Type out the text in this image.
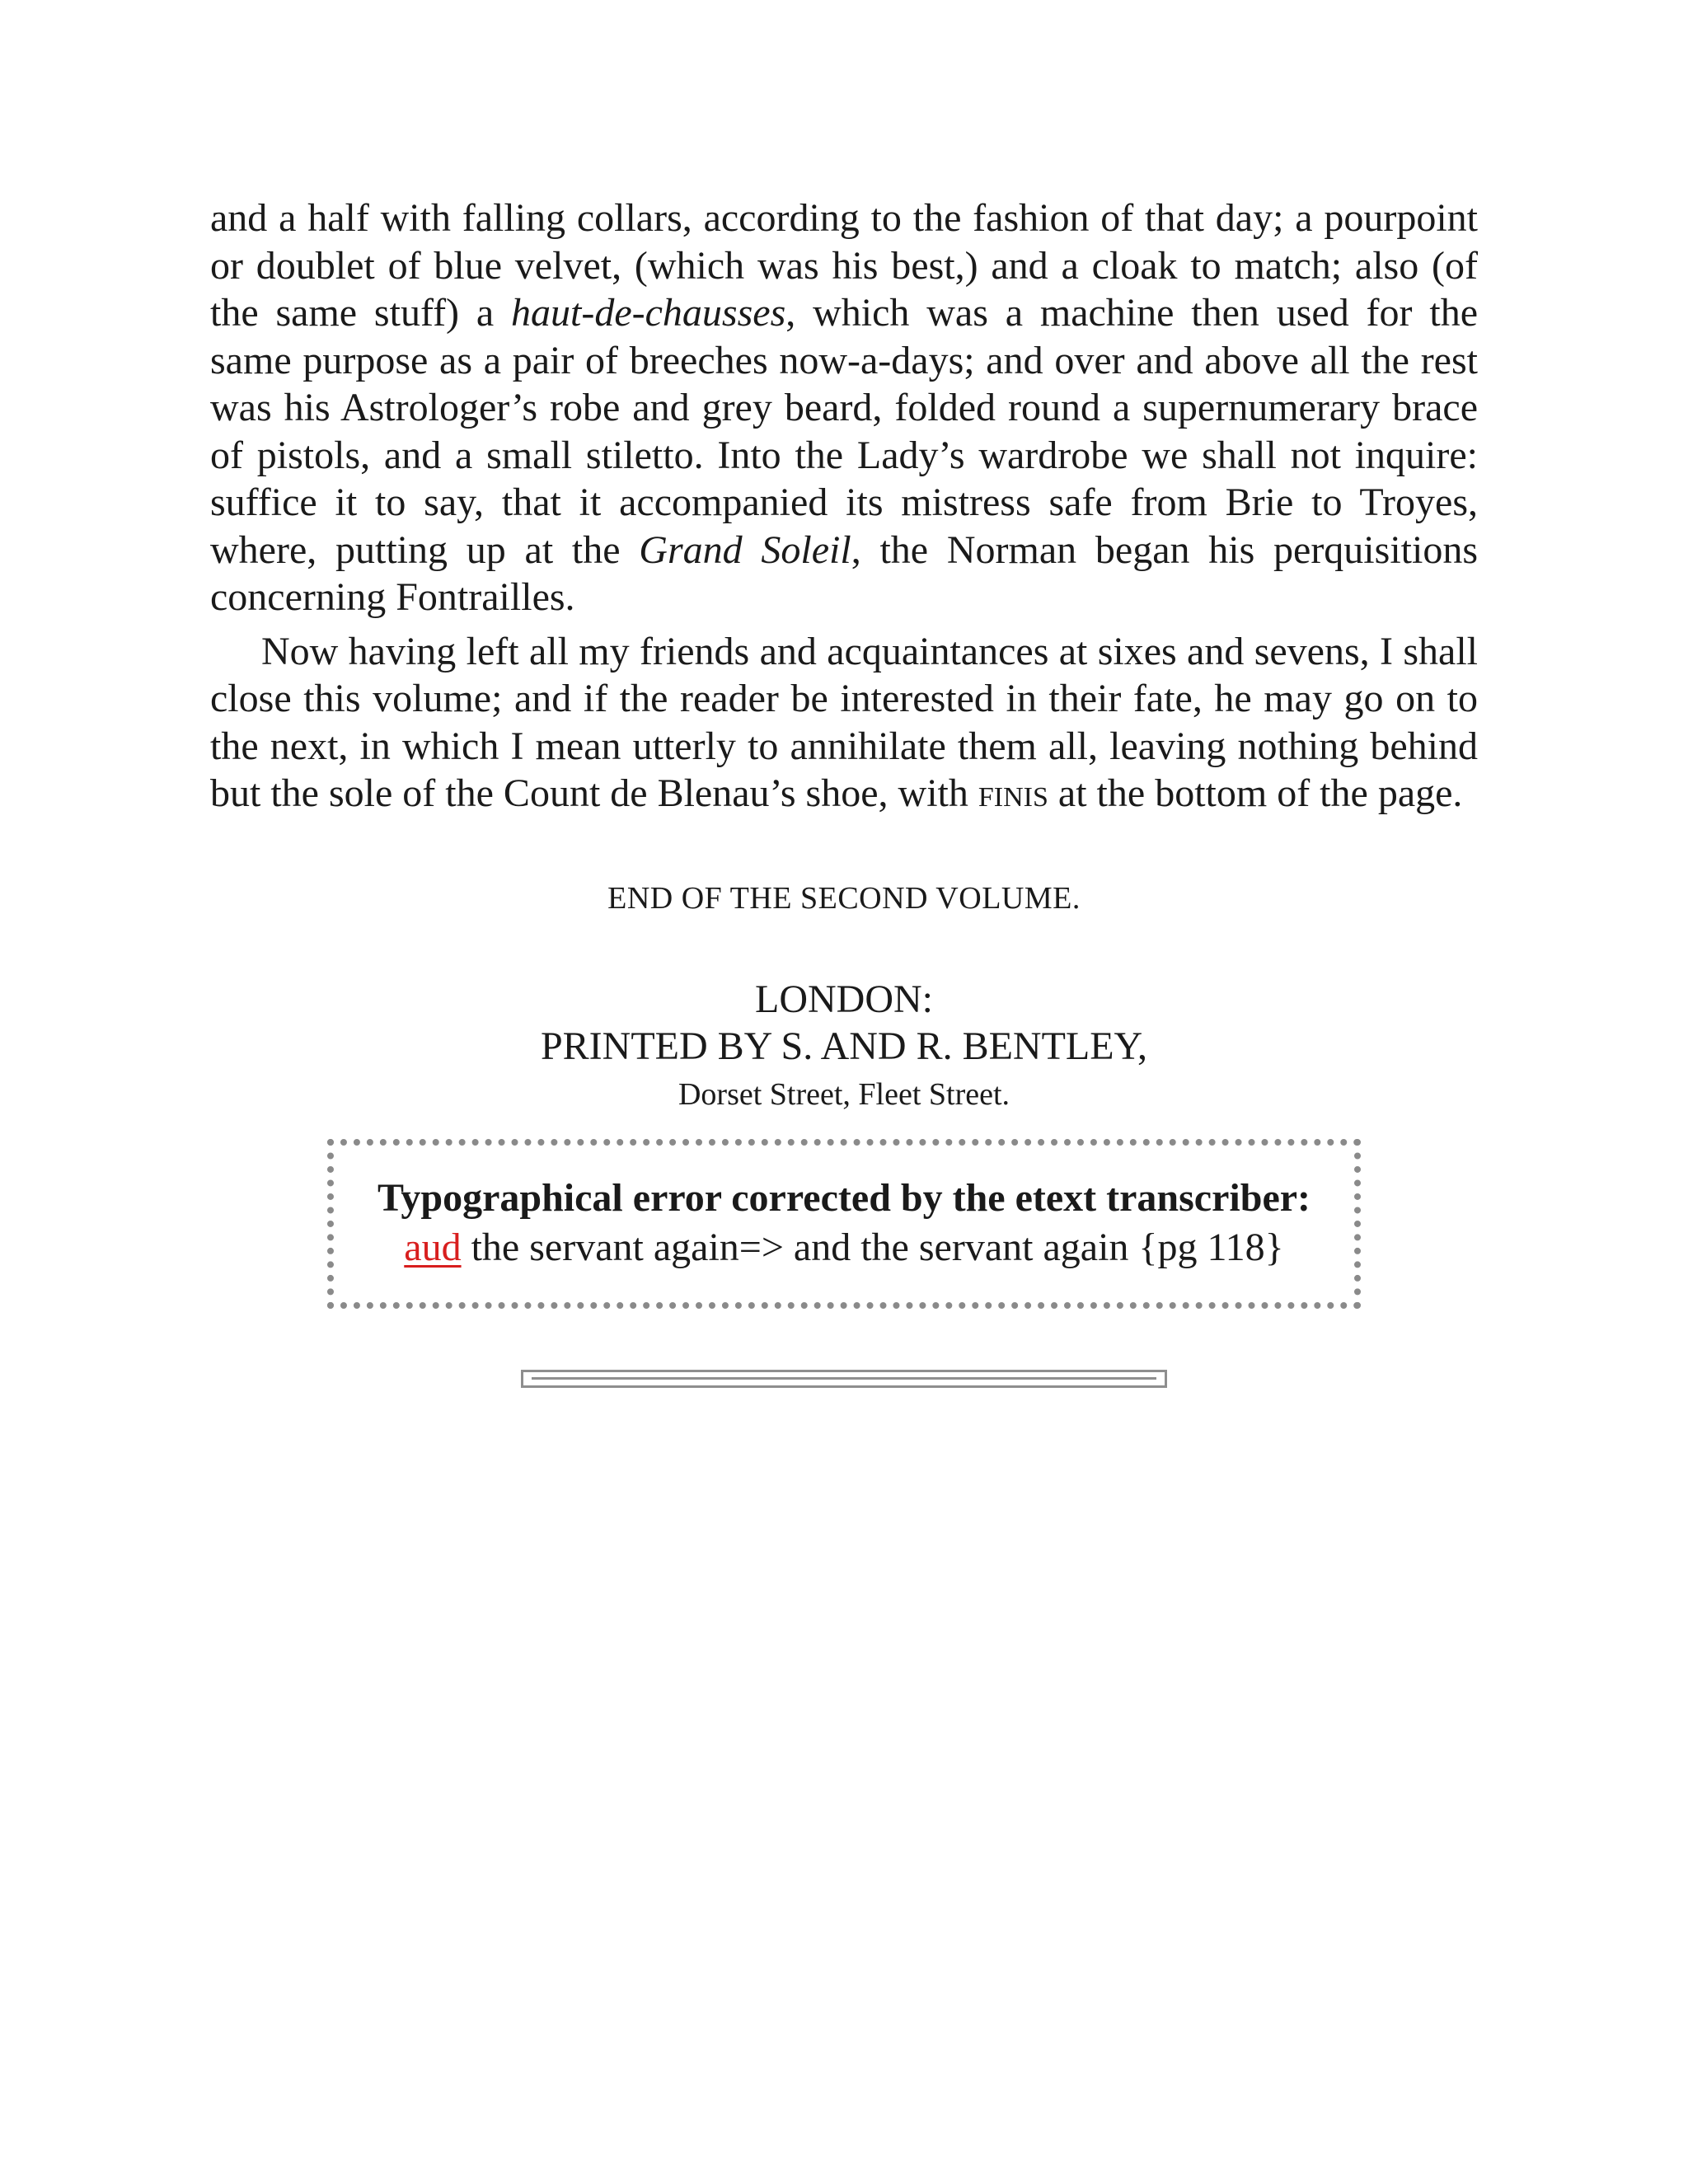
and a half with falling collars, according to the fashion of that day; a pourpoint or doublet of blue velvet, (which was his best,) and a cloak to match; also (of the same stuff) a haut-de-chausses, which was a machine then used for the same purpose as a pair of breeches now-a-days; and over and above all the rest was his Astrologer’s robe and grey beard, folded round a supernumerary brace of pistols, and a small stiletto. Into the Lady’s wardrobe we shall not inquire: suffice it to say, that it accompanied its mistress safe from Brie to Troyes, where, putting up at the Grand Soleil, the Norman began his perquisitions concerning Fontrailles.

Now having left all my friends and acquaintances at sixes and sevens, I shall close this volume; and if the reader be interested in their fate, he may go on to the next, in which I mean utterly to annihilate them all, leaving nothing behind but the sole of the Count de Blenau’s shoe, with finis at the bottom of the page.

END OF THE SECOND VOLUME.
LONDON:
PRINTED BY S. AND R. BENTLEY,
Dorset Street, Fleet Street.
Typographical error corrected by the etext transcriber:
aud the servant again=> and the servant again {pg 118}
